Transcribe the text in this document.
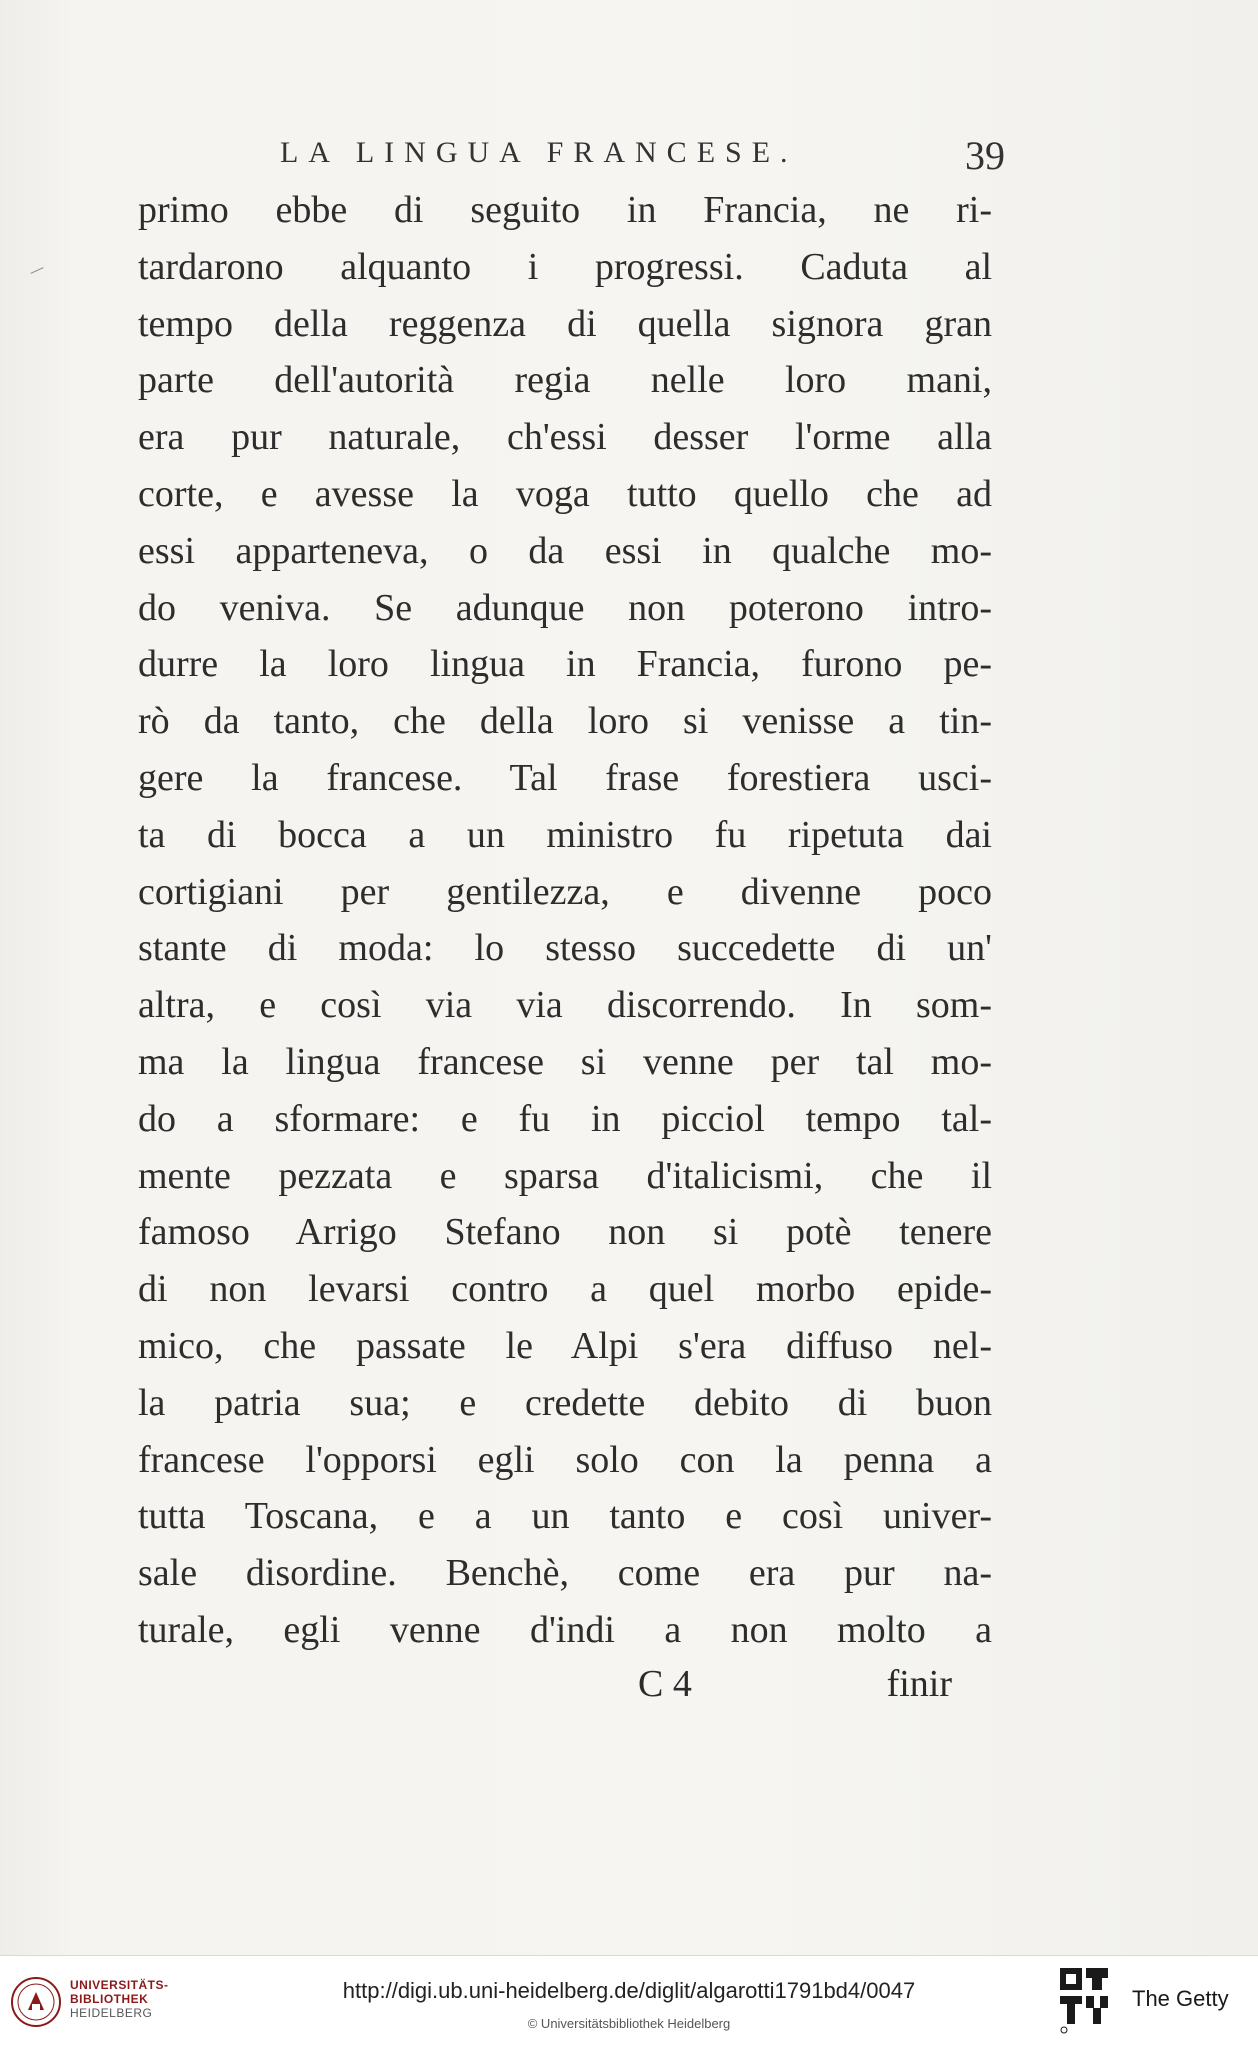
LA LINGUA FRANCESE.	39
primo ebbe di seguito in Francia, ne ri-
tardarono alquanto i progressi. Caduta al
tempo della reggenza di quella signora gran
parte dell'autorità regia nelle loro mani,
era pur naturale, ch'essi desser l'orme alla
corte, e avesse la voga tutto quello che ad
essi apparteneva, o da essi in qualche mo-
do veniva. Se adunque non poterono intro-
durre la loro lingua in Francia, furono pe-
rò da tanto, che della loro si venisse a tin-
gere la francese. Tal frase forestiera usci-
ta di bocca a un ministro fu ripetuta dai
cortigiani per gentilezza, e divenne poco
stante di moda: lo stesso succedette di un'
altra, e così via via discorrendo. In som-
ma la lingua francese si venne per tal mo-
do a sformare: e fu in picciol tempo tal-
mente pezzata e sparsa d'italicismi, che il
famoso Arrigo Stefano non si potè tenere
di non levarsi contro a quel morbo epide-
mico, che passate le Alpi s'era diffuso nel-
la patria sua; e credette debito di buon
francese l'opporsi egli solo con la penna a
tutta Toscana, e a un tanto e così univer-
sale disordine. Benchè, come era pur na-
turale, egli venne d'indi a non molto a
C 4	finir
UNIVERSITÄTS-
BIBLIOTHEK
HEIDELBERG
http://digi.ub.uni-heidelberg.de/diglit/algarotti1791bd4/0047
© Universitätsbibliothek Heidelberg
The Getty
